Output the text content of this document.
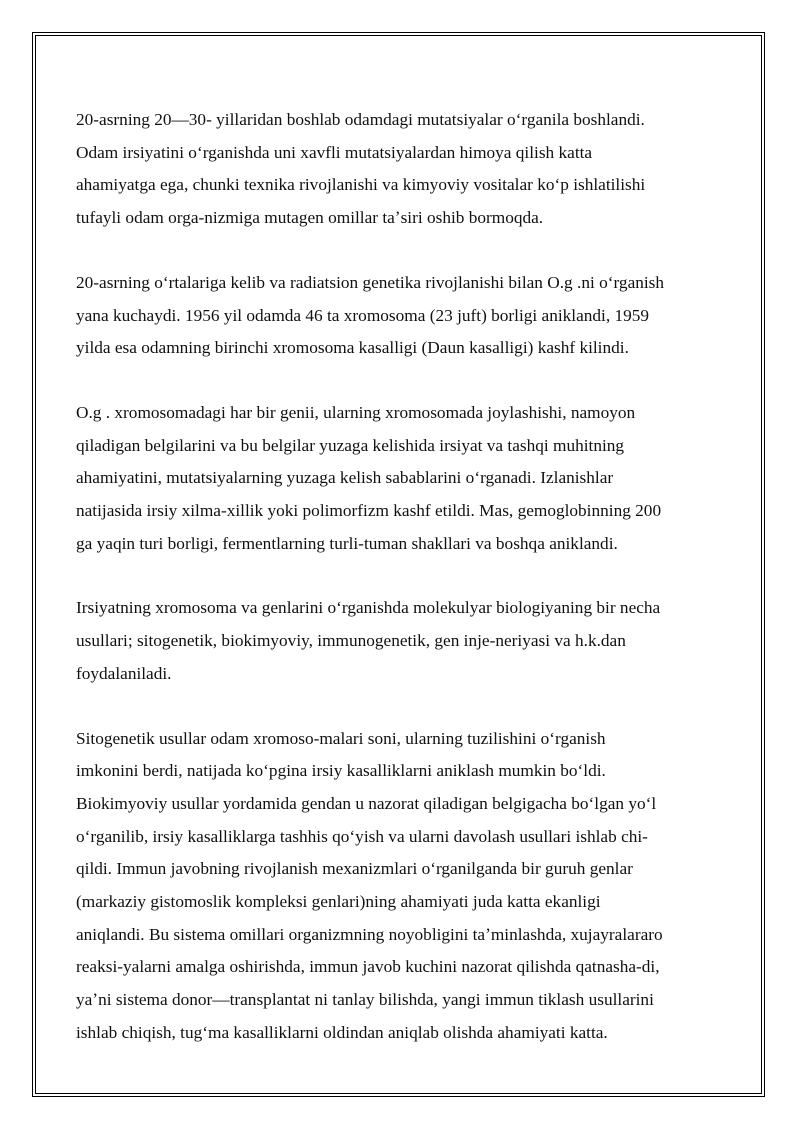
20-asrning 20—30- yillaridan boshlab odamdagi mutatsiyalar oʻrganila boshlandi.
Odam irsiyatini oʻrganishda uni xavfli mutatsiyalardan himoya qilish katta
ahamiyatga ega, chunki texnika rivojlanishi va kimyoviy vositalar koʻp ishlatilishi
tufayli odam orga-nizmiga mutagen omillar taʼsiri oshib bormoqda.

20-asrning oʻrtalariga kelib va radiatsion genetika rivojlanishi bilan O.g .ni oʻrganish
yana kuchaydi. 1956 yil odamda 46 ta xromosoma (23 juft) borligi aniklandi, 1959
yilda esa odamning birinchi xromosoma kasalligi (Daun kasalligi) kashf kilindi.

O.g . xromosomadagi har bir genii, ularning xromosomada joylashishi, namoyon
qiladigan belgilarini va bu belgilar yuzaga kelishida irsiyat va tashqi muhitning
ahamiyatini, mutatsiyalarning yuzaga kelish sabablarini oʻrganadi. Izlanishlar
natijasida irsiy xilma-xillik yoki polimorfizm kashf etildi. Mas, gemoglobinning 200
ga yaqin turi borligi, fermentlarning turli-tuman shakllari va boshqa aniklandi.

Irsiyatning xromosoma va genlarini oʻrganishda molekulyar biologiyaning bir necha
usullari; sitogenetik, biokimyoviy, immunogenetik, gen inje-neriyasi va h.k.dan
foydalaniladi.

Sitogenetik usullar odam xromoso-malari soni, ularning tuzilishini oʻrganish
imkonini berdi, natijada koʻpgina irsiy kasalliklarni aniklash mumkin boʻldi.
Biokimyoviy usullar yordamida gendan u nazorat qiladigan belgigacha boʻlgan yoʻl
oʻrganilib, irsiy kasalliklarga tashhis qoʻyish va ularni davolash usullari ishlab chi-
qildi. Immun javobning rivojlanish mexanizmlari oʻrganilganda bir guruh genlar
(markaziy gistomoslik kompleksi genlari)ning ahamiyati juda katta ekanligi
aniqlandi. Bu sistema omillari organizmning noyobligini taʼminlashda, xujayralararo
reaksi-yalarni amalga oshirishda, immun javob kuchini nazorat qilishda qatnasha-di,
yaʼni sistema donor—transplantat ni tanlay bilishda, yangi immun tiklash usullarini
ishlab chiqish, tugʻma kasalliklarni oldindan aniqlab olishda ahamiyati katta.
